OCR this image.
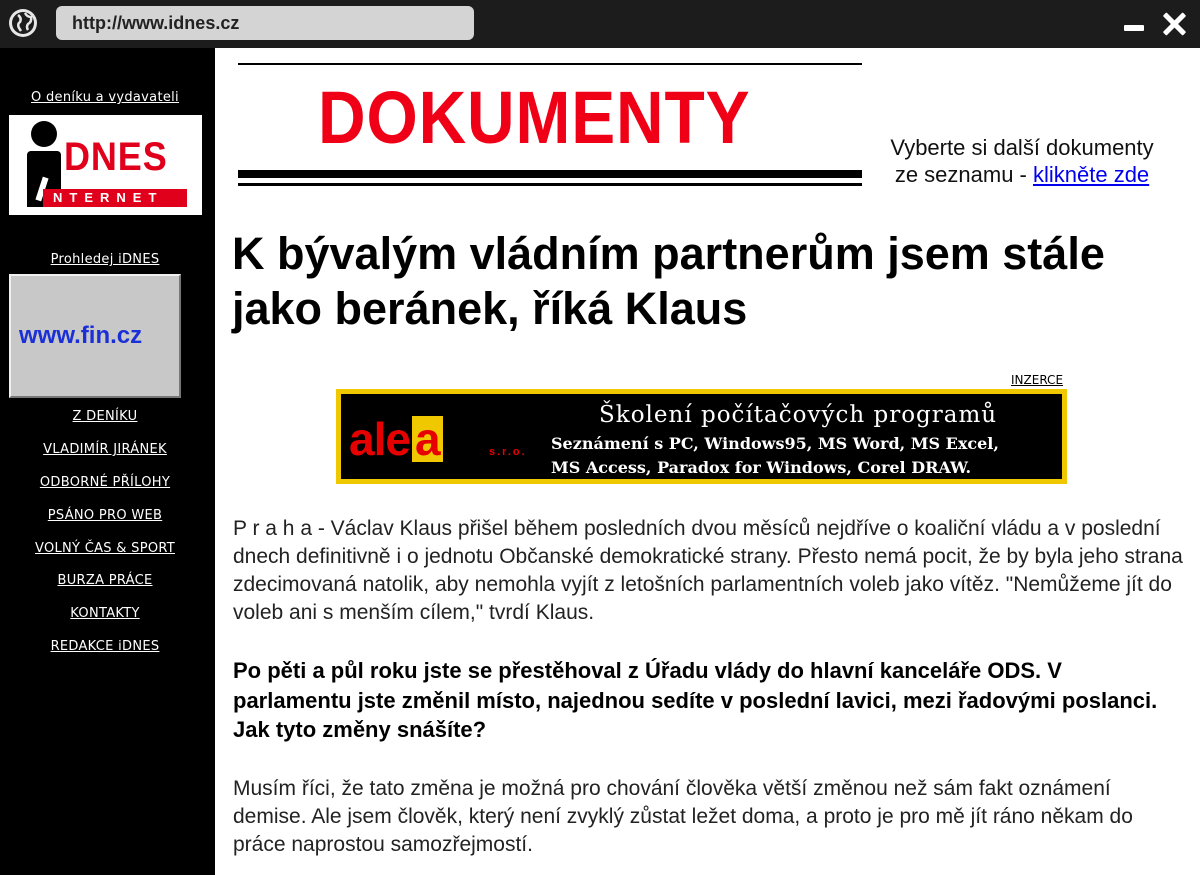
http://www.idnes.cz
O deníku a vydavateli
DNES
NTERNET
Prohledej iDNES
www.fin.cz
Z DENÍKU
VLADIMÍR JIRÁNEK
ODBORNÉ PŘÍLOHY
PSÁNO PRO WEB
VOLNÝ ČAS & SPORT
BURZA PRÁCE
KONTAKTY
REDAKCE iDNES
DOKUMENTY	Vyberte si další dokumenty
ze seznamu - klikněte zde
K bývalým vládním partnerům jsem stále jako beránek, říká Klaus
INZERCE
ale a	s.r.o.
Školení počítačových programů
Seznámení s PC, Windows95, MS Word, MS Excel,
MS Access, Paradox for Windows, Corel DRAW.

P r a h a - Václav Klaus přišel během posledních dvou měsíců nejdříve o koaliční vládu a v poslední dnech definitivně i o jednotu Občanské demokratické strany. Přesto nemá pocit, že by byla jeho strana zdecimovaná natolik, aby nemohla vyjít z letošních parlamentních voleb jako vítěz. "Nemůžeme jít do voleb ani s menším cílem," tvrdí Klaus.

Po pěti a půl roku jste se přestěhoval z Úřadu vlády do hlavní kanceláře ODS. V parlamentu jste změnil místo, najednou sedíte v poslední lavici, mezi řadovými poslanci. Jak tyto změny snášíte?

Musím říci, že tato změna je možná pro chování člověka větší změnou než sám fakt oznámení demise. Ale jsem člověk, který není zvyklý zůstat ležet doma, a proto je pro mě jít ráno někam do práce naprostou samozřejmostí.
